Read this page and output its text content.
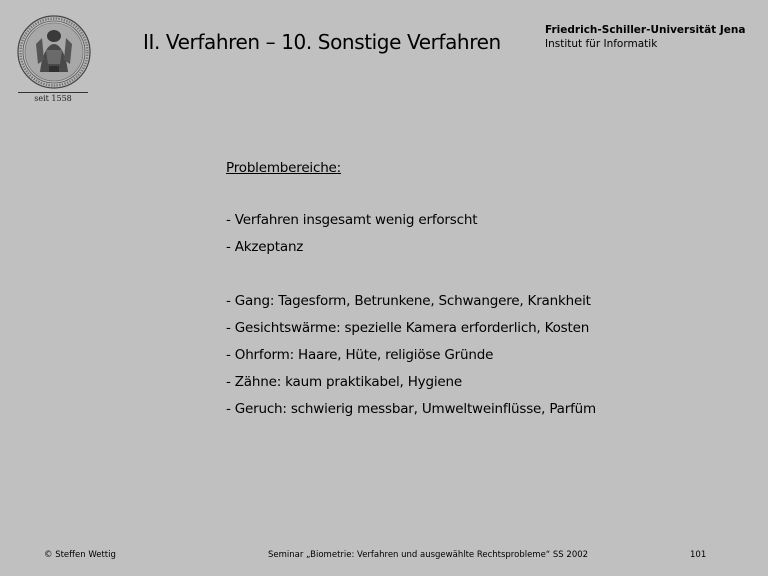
seit 1558
II. Verfahren – 10. Sonstige Verfahren	Friedrich-Schiller-Universität Jena
Institut für Informatik
Problembereiche:
- Verfahren insgesamt wenig erforscht
- Akzeptanz
- Gang: Tagesform, Betrunkene, Schwangere, Krankheit
- Gesichtswärme: spezielle Kamera erforderlich, Kosten
- Ohrform: Haare, Hüte, religiöse Gründe
- Zähne: kaum praktikabel, Hygiene
- Geruch: schwierig messbar, Umweltweinflüsse, Parfüm
© Steffen Wettig	Seminar „Biometrie: Verfahren und ausgewählte Rechtsprobleme“ SS 2002	101
